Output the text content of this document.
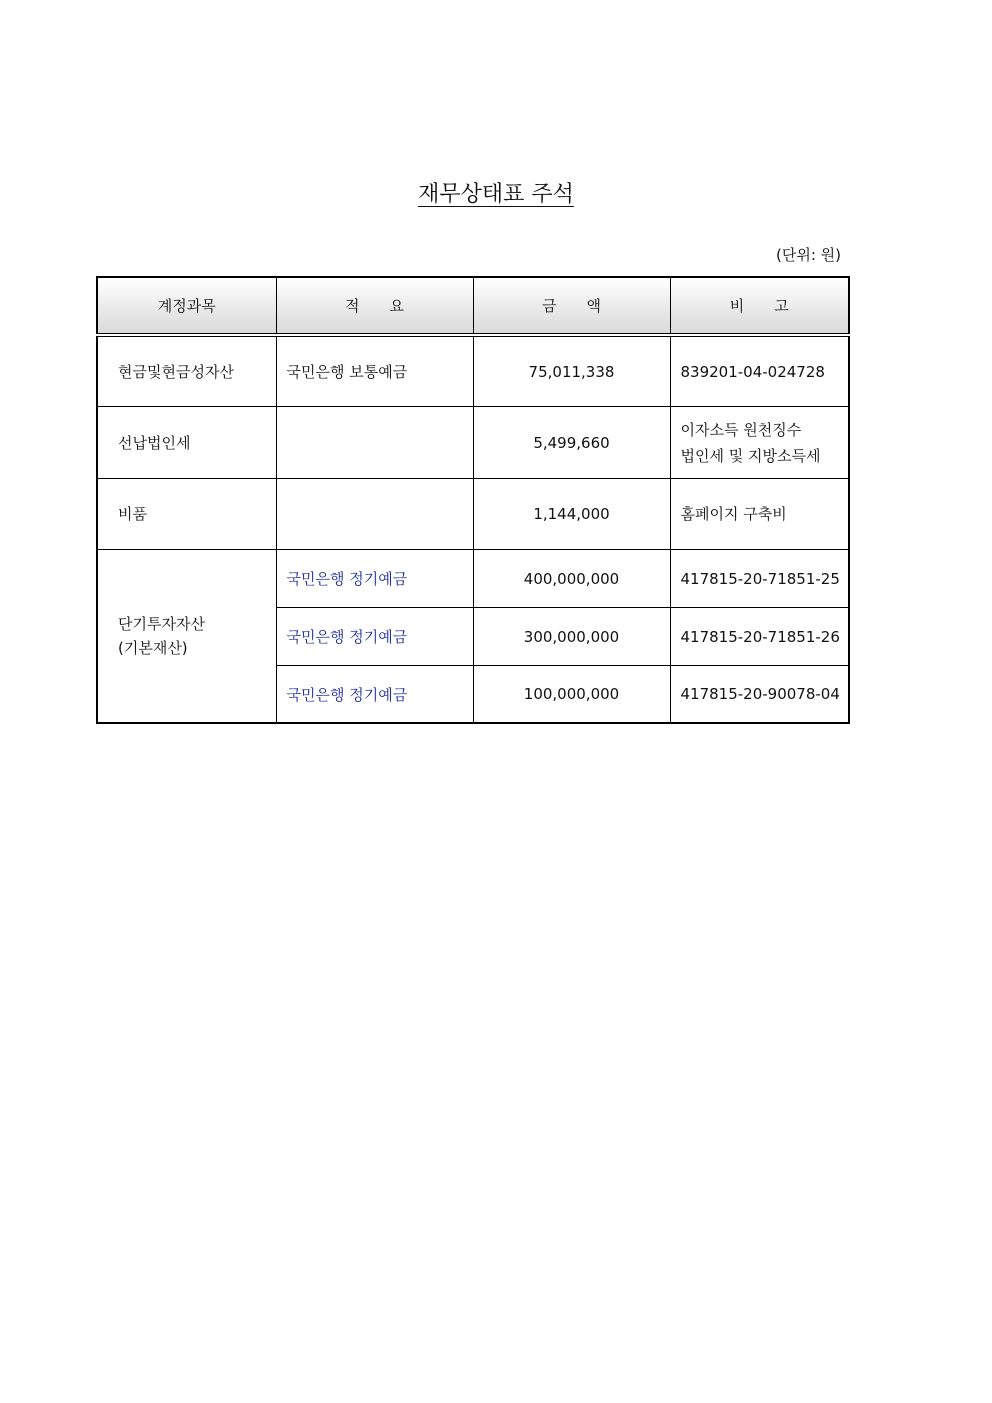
재무상태표 주석
(단위: 원)
계정과목	적　　요	금　　액	비　　고
현금및현금성자산	국민은행 보통예금	75,011,338	839201-04-024728

선납법인세		5,499,660	이자소득 원천징수
법인세 및 지방소득세

비품		1,144,000	홈페이지 구축비

단기투자자산
(기본재산)	국민은행 정기예금	400,000,000	417815-20-71851-25
	국민은행 정기예금	300,000,000	417815-20-71851-26
	국민은행 정기예금	100,000,000	417815-20-90078-04
